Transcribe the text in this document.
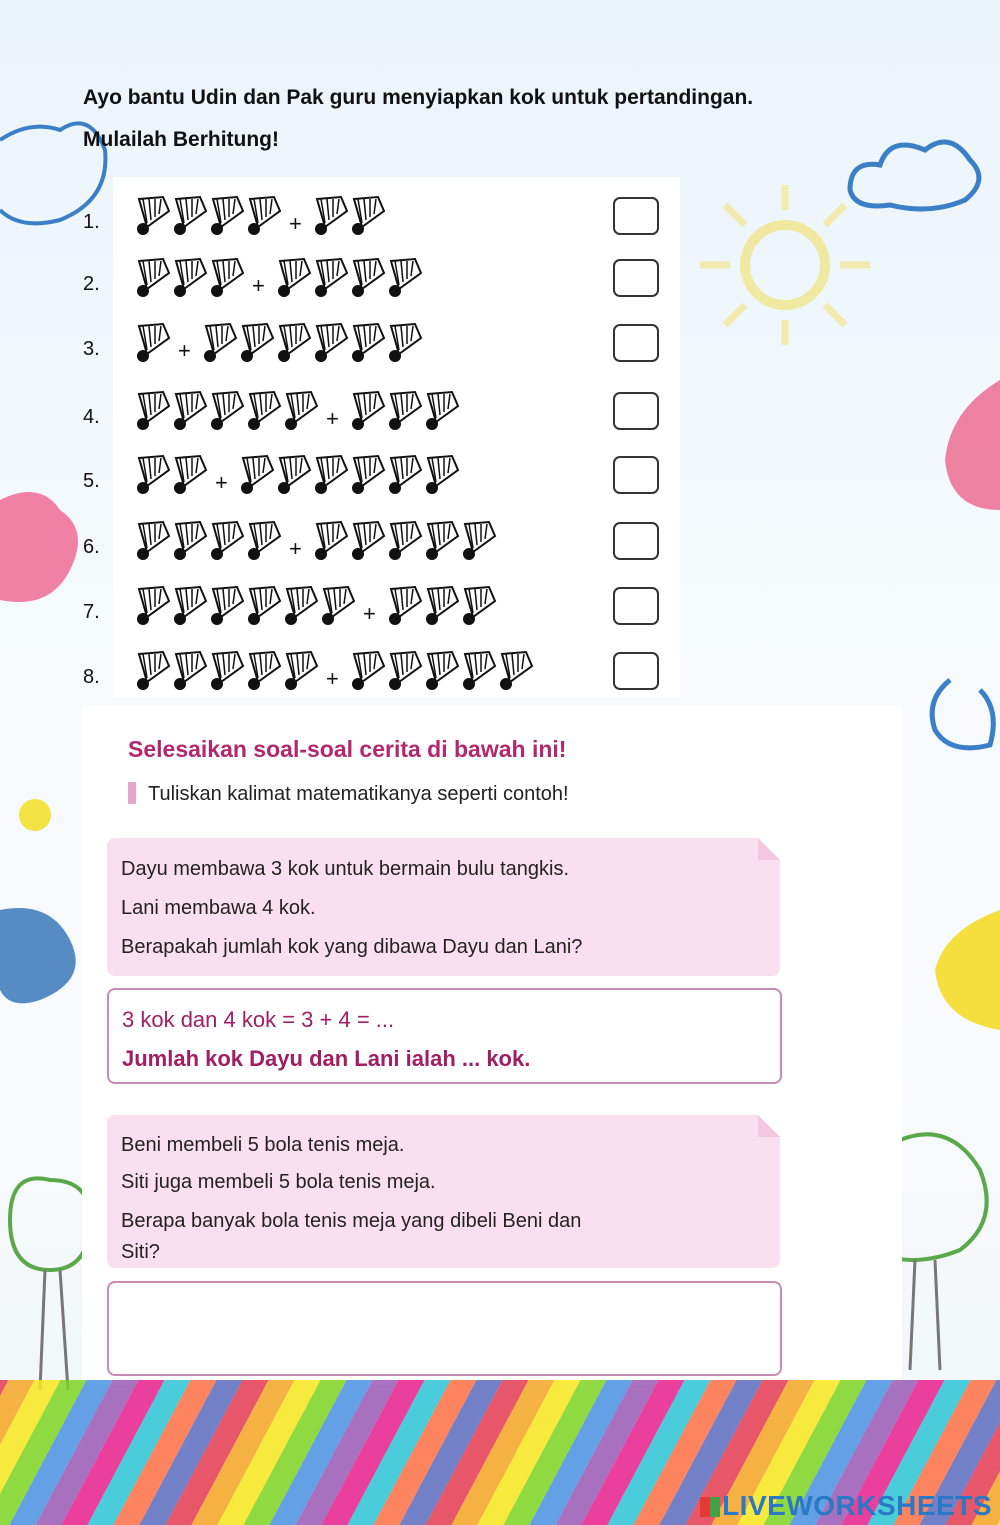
Ayo bantu Udin dan Pak guru menyiapkan kok untuk pertandingan.
Mulailah Berhitung!
1.	+
2.	+
3.	+
4.	+
5.	+
6.	+
7.	+
8.	+
Selesaikan soal-soal cerita di bawah ini!
Tuliskan kalimat matematikanya seperti contoh!
Dayu membawa 3 kok untuk bermain bulu tangkis.
Lani membawa 4 kok.
Berapakah jumlah kok yang dibawa Dayu dan Lani?
3 kok dan 4 kok = 3 + 4 = ...
Jumlah kok Dayu dan Lani ialah ... kok.
Beni membeli 5 bola tenis meja.
Siti juga membeli 5 bola tenis meja.
Berapa banyak bola tenis meja yang dibeli Beni dan
Siti?
LIVEWORKSHEETS
